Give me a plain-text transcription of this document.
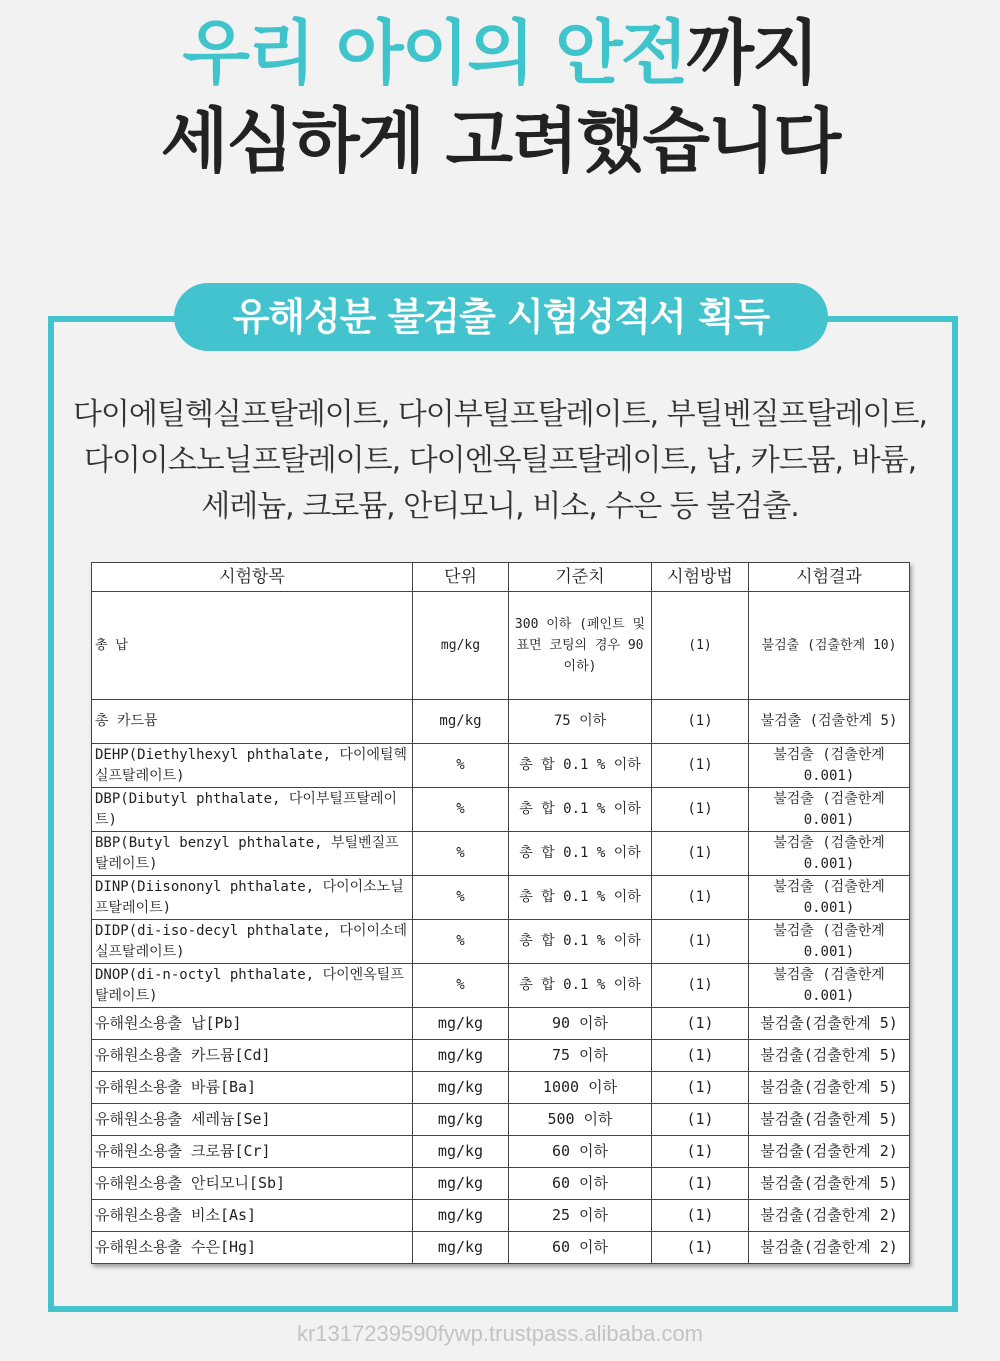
우리 아이의 안전까지
세심하게 고려했습니다
유해성분 불검출 시험성적서 획득
다이에틸헥실프탈레이트, 다이부틸프탈레이트, 부틸벤질프탈레이트,
다이이소노닐프탈레이트, 다이엔옥틸프탈레이트, 납, 카드뮴, 바륨,
세레늄, 크로뮴, 안티모니, 비소, 수은 등 불검출.
시험항목	단위	기준치	시험방법	시험결과
총 납	mg/kg	300 이하 (페인트 및 표면 코팅의 경우 90 이하)	(1)	불검출 (검출한계 10)
총 카드뮴	mg/kg	75 이하	(1)	불검출 (검출한계 5)
DEHP(Diethylhexyl phthalate, 다이에틸헥실프탈레이트)	%	총 합 0.1 % 이하	(1)	불검출 (검출한계 0.001)
DBP(Dibutyl phthalate, 다이부틸프탈레이트)	%	총 합 0.1 % 이하	(1)	불검출 (검출한계 0.001)
BBP(Butyl benzyl phthalate, 부틸벤질프탈레이트)	%	총 합 0.1 % 이하	(1)	불검출 (검출한계 0.001)
DINP(Diisononyl phthalate, 다이이소노닐프탈레이트)	%	총 합 0.1 % 이하	(1)	불검출 (검출한계 0.001)
DIDP(di-iso-decyl phthalate, 다이이소데실프탈레이트)	%	총 합 0.1 % 이하	(1)	불검출 (검출한계 0.001)
DNOP(di-n-octyl phthalate, 다이엔옥틸프탈레이트)	%	총 합 0.1 % 이하	(1)	불검출 (검출한계 0.001)
유해원소용출 납[Pb]	mg/kg	90 이하	(1)	불검출(검출한계 5)
유해원소용출 카드뮴[Cd]	mg/kg	75 이하	(1)	불검출(검출한계 5)
유해원소용출 바륨[Ba]	mg/kg	1000 이하	(1)	불검출(검출한계 5)
유해원소용출 세레늄[Se]	mg/kg	500 이하	(1)	불검출(검출한계 5)
유해원소용출 크로뮴[Cr]	mg/kg	60 이하	(1)	불검출(검출한계 2)
유해원소용출 안티모니[Sb]	mg/kg	60 이하	(1)	불검출(검출한계 5)
유해원소용출 비소[As]	mg/kg	25 이하	(1)	불검출(검출한계 2)
유해원소용출 수은[Hg]	mg/kg	60 이하	(1)	불검출(검출한계 2)
kr1317239590fywp.trustpass.alibaba.com
